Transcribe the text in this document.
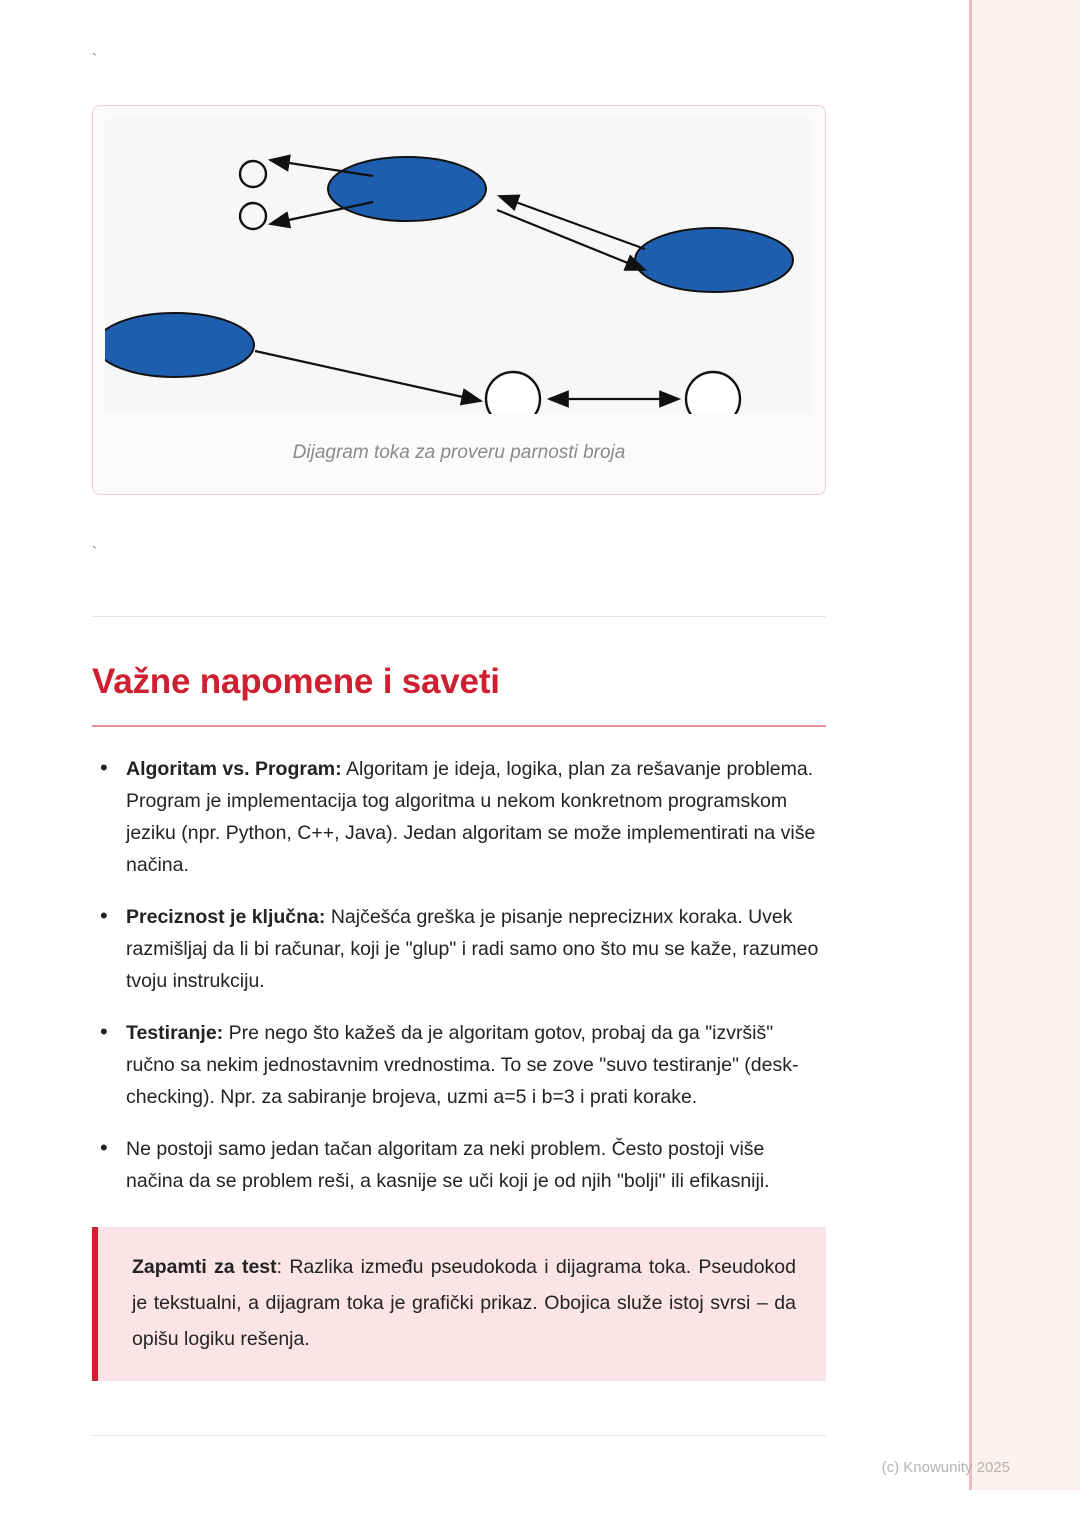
`
Dijagram toka za proveru parnosti broja
`
Važne napomene i saveti
• Algoritam vs. Program: Algoritam je ideja, logika, plan za rešavanje problema. Program je implementacija tog algoritma u nekom konkretnom programskom jeziku (npr. Python, C++, Java). Jedan algoritam se može implementirati na više načina.
• Preciznost je ključna: Najčešća greška je pisanje neprecizних koraka. Uvek razmišljaj da li bi računar, koji je "glup" i radi samo ono što mu se kaže, razumeo tvoju instrukciju.
• Testiranje: Pre nego što kažeš da je algoritam gotov, probaj da ga "izvršiš" ručno sa nekim jednostavnim vrednostima. To se zove "suvo testiranje" (desk-checking). Npr. za sabiranje brojeva, uzmi a=5 i b=3 i prati korake.
• Ne postoji samo jedan tačan algoritam za neki problem. Često postoji više načina da se problem reši, a kasnije se uči koji je od njih "bolji" ili efikasniji.

Zapamti za test: Razlika između pseudokoda i dijagrama toka. Pseudokod je tekstualni, a dijagram toka je grafički prikaz. Obojica služe istoj svrsi – da opišu logiku rešenja.

(c) Knowunity 2025
